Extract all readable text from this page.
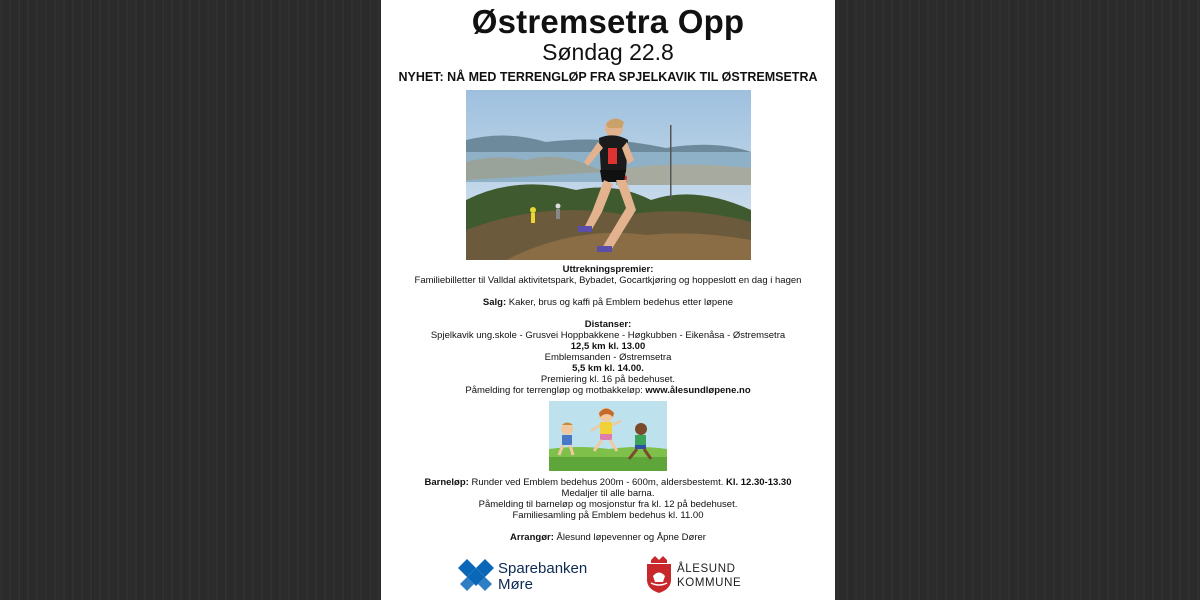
Østremsetra Opp
Søndag 22.8
NYHET: NÅ MED TERRENGLØP FRA SPJELKAVIK TIL ØSTREMSETRA
Uttrekningspremier:
Familiebilletter til Valldal aktivitetspark, Bybadet, Gocartkjøring og hoppeslott en dag i hagen
Salg: Kaker, brus og kaffi på Emblem bedehus etter løpene
Distanser:
Spjelkavik ung.skole - Grusvei Hoppbakkene - Høgkubben - Eikenåsa - Østremsetra
12,5 km kl. 13.00
Emblemsanden - Østremsetra
5,5 km kl. 14.00.
Premiering kl. 16 på bedehuset.
Påmelding for terrengløp og motbakkeløp: www.ålesundløpene.no
Barneløp: Runder ved Emblem bedehus 200m - 600m, aldersbestemt. Kl. 12.30-13.30
Medaljer til alle barna.
Påmelding til barneløp og mosjonstur fra kl. 12 på bedehuset.
Familiesamling på Emblem bedehus kl. 11.00
Arrangør: Ålesund løpevenner og Åpne Dører
Sparebanken
Møre
ÅLESUND
KOMMUNE
